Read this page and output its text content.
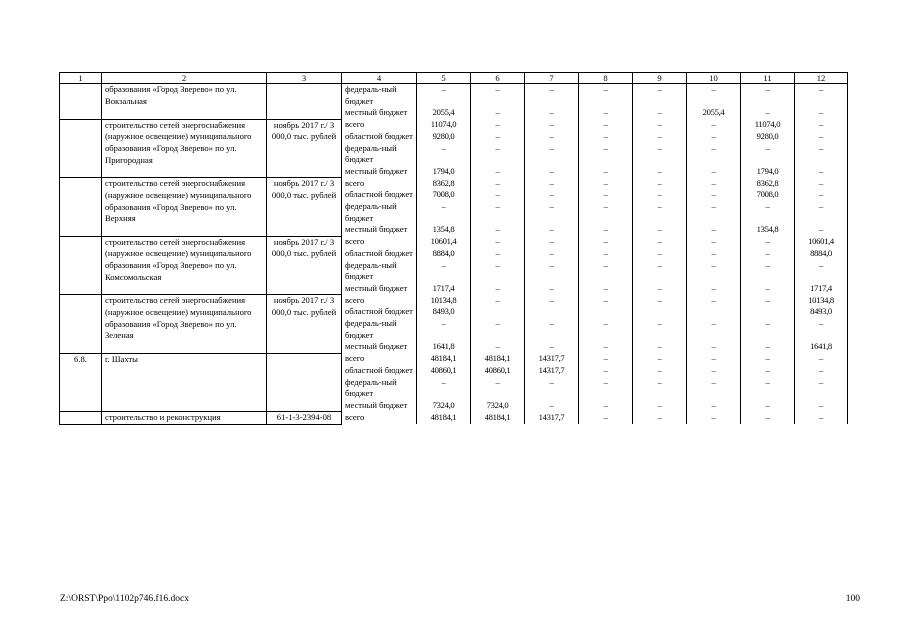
1	2	3	4	5	6	7	8	9	10	11	12
	образования «Город Зверево» по ул. Вокзальная		федераль-ный бюджет	–	–	–	–	–	–	–	–
			местный бюджет	2055,4	–	–	–	–	2055,4	–	–
	строительство сетей энергоснабжения (наружное освещение) муниципального образования «Город Зверево» по ул. Пригородная	ноябрь 2017 г./ 3 000,0 тыс. рублей	всего	11074,0	–	–	–	–	–	11074,0	–
			областной бюджет	9280,0	–	–	–	–	–	9280,0	–
			федераль-ный бюджет	–	–	–	–	–	–	–	–
			местный бюджет	1794,0	–	–	–	–	–	1794,0	–
	строительство сетей энергоснабжения (наружное освещение) муниципального образования «Город Зверево» по ул. Верхняя	ноябрь 2017 г./ 3 000,0 тыс. рублей	всего	8362,8	–	–	–	–	–	8362,8	–
			областной бюджет	7008,0	–	–	–	–	–	7008,0	–
			федераль-ный бюджет	–	–	–	–	–	–	–	–
			местный бюджет	1354,8	–	–	–	–	–	1354,8	–
	строительство сетей энергоснабжения (наружное освещение) муниципального образования «Город Зверево» по ул. Комсомольская	ноябрь 2017 г./ 3 000,0 тыс. рублей	всего	10601,4	–	–	–	–	–	–	10601,4
			областной бюджет	8884,0	–	–	–	–	–	–	8884,0
			федераль-ный бюджет	–	–	–	–	–	–	–	–
			местный бюджет	1717,4	–	–	–	–	–	–	1717,4
	строительство сетей энергоснабжения (наружное освещение) муниципального образования «Город Зверево» по ул. Зеленая	ноябрь 2017 г./ 3 000,0 тыс. рублей	всего	10134,8	–	–	–	–	–	–	10134,8
			областной бюджет	8493,0							8493,0
			федераль-ный бюджет	–	–	–	–	–	–	–	–
			местный бюджет	1641,8	–	–	–	–	–	–	1641,8
6.8.	г. Шахты		всего	48184,1	48184,1	14317,7	–	–	–	–	–
			областной бюджет	40860,1	40860,1	14317,7	–	–	–	–	–
			федераль-ный бюджет	–	–	–	–	–	–	–	–
			местный бюджет	7324,0	7324,0	–	–	–	–	–	–
	строительство и реконструкция	61-1-3-2394-08	всего	48184,1	48184,1	14317,7	–	–	–	–	–
Z:\ORST\Ppo\1102p746.f16.docx	100
